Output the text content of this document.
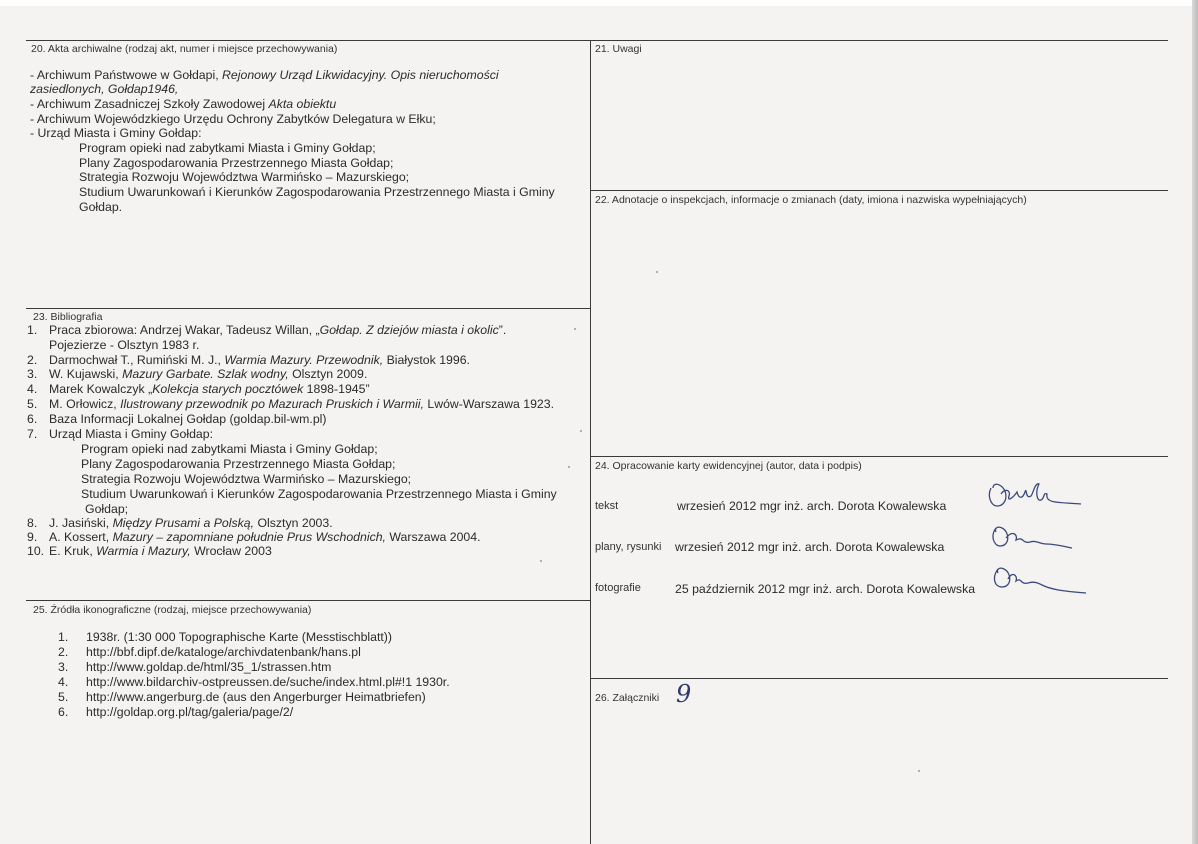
20. Akta archiwalne (rodzaj akt, numer i miejsce przechowywania)
- Archiwum Państwowe w Gołdapi, Rejonowy Urząd Likwidacyjny. Opis nieruchomości
zasiedlonych, Gołdap1946,
- Archiwum Zasadniczej Szkoły Zawodowej Akta obiektu
- Archiwum Wojewódzkiego Urzędu Ochrony Zabytków Delegatura w Ełku;
- Urząd Miasta i Gminy Gołdap:
Program opieki nad zabytkami Miasta i Gminy Gołdap;
Plany Zagospodarowania Przestrzennego Miasta Gołdap;
Strategia Rozwoju Województwa Warmińsko – Mazurskiego;
Studium Uwarunkowań i Kierunków Zagospodarowania Przestrzennego Miasta i Gminy
Gołdap.
21. Uwagi
22. Adnotacje o inspekcjach, informacje o zmianach (daty, imiona i nazwiska wypełniających)
23. Bibliografia
1. Praca zbiorowa: Andrzej Wakar, Tadeusz Willan, „Gołdap. Z dziejów miasta i okolic”.
Pojezierze - Olsztyn 1983 r.
2. Darmochwał T., Rumiński M. J., Warmia Mazury. Przewodnik, Białystok 1996.
3. W. Kujawski, Mazury Garbate. Szlak wodny, Olsztyn 2009.
4. Marek Kowalczyk „Kolekcja starych pocztówek 1898-1945”
5. M. Orłowicz, Ilustrowany przewodnik po Mazurach Pruskich i Warmii, Lwów-Warszawa 1923.
6. Baza Informacji Lokalnej Gołdap (goldap.bil-wm.pl)
7. Urząd Miasta i Gminy Gołdap:
Program opieki nad zabytkami Miasta i Gminy Gołdap;
Plany Zagospodarowania Przestrzennego Miasta Gołdap;
Strategia Rozwoju Województwa Warmińsko – Mazurskiego;
Studium Uwarunkowań i Kierunków Zagospodarowania Przestrzennego Miasta i Gminy
Gołdap;
8. J. Jasiński, Między Prusami a Polską, Olsztyn 2003.
9. A. Kossert, Mazury – zapomniane południe Prus Wschodnich, Warszawa 2004.
10. E. Kruk, Warmia i Mazury, Wrocław 2003
24. Opracowanie karty ewidencyjnej (autor, data i podpis)
tekst	wrzesień 2012 mgr inż. arch. Dorota Kowalewska
plany, rysunki wrzesień 2012 mgr inż. arch. Dorota Kowalewska
fotografie	25 październik 2012 mgr inż. arch. Dorota Kowalewska
25. Źródła ikonograficzne (rodzaj, miejsce przechowywania)
1. 1938r. (1:30 000 Topographische Karte (Messtischblatt))
2. http://bbf.dipf.de/kataloge/archivdatenbank/hans.pl
3. http://www.goldap.de/html/35_1/strassen.htm
4. http://www.bildarchiv-ostpreussen.de/suche/index.html.pl#!1 1930r.
5. http://www.angerburg.de (aus den Angerburger Heimatbriefen)
6. http://goldap.org.pl/tag/galeria/page/2/
26. Załączniki 9
